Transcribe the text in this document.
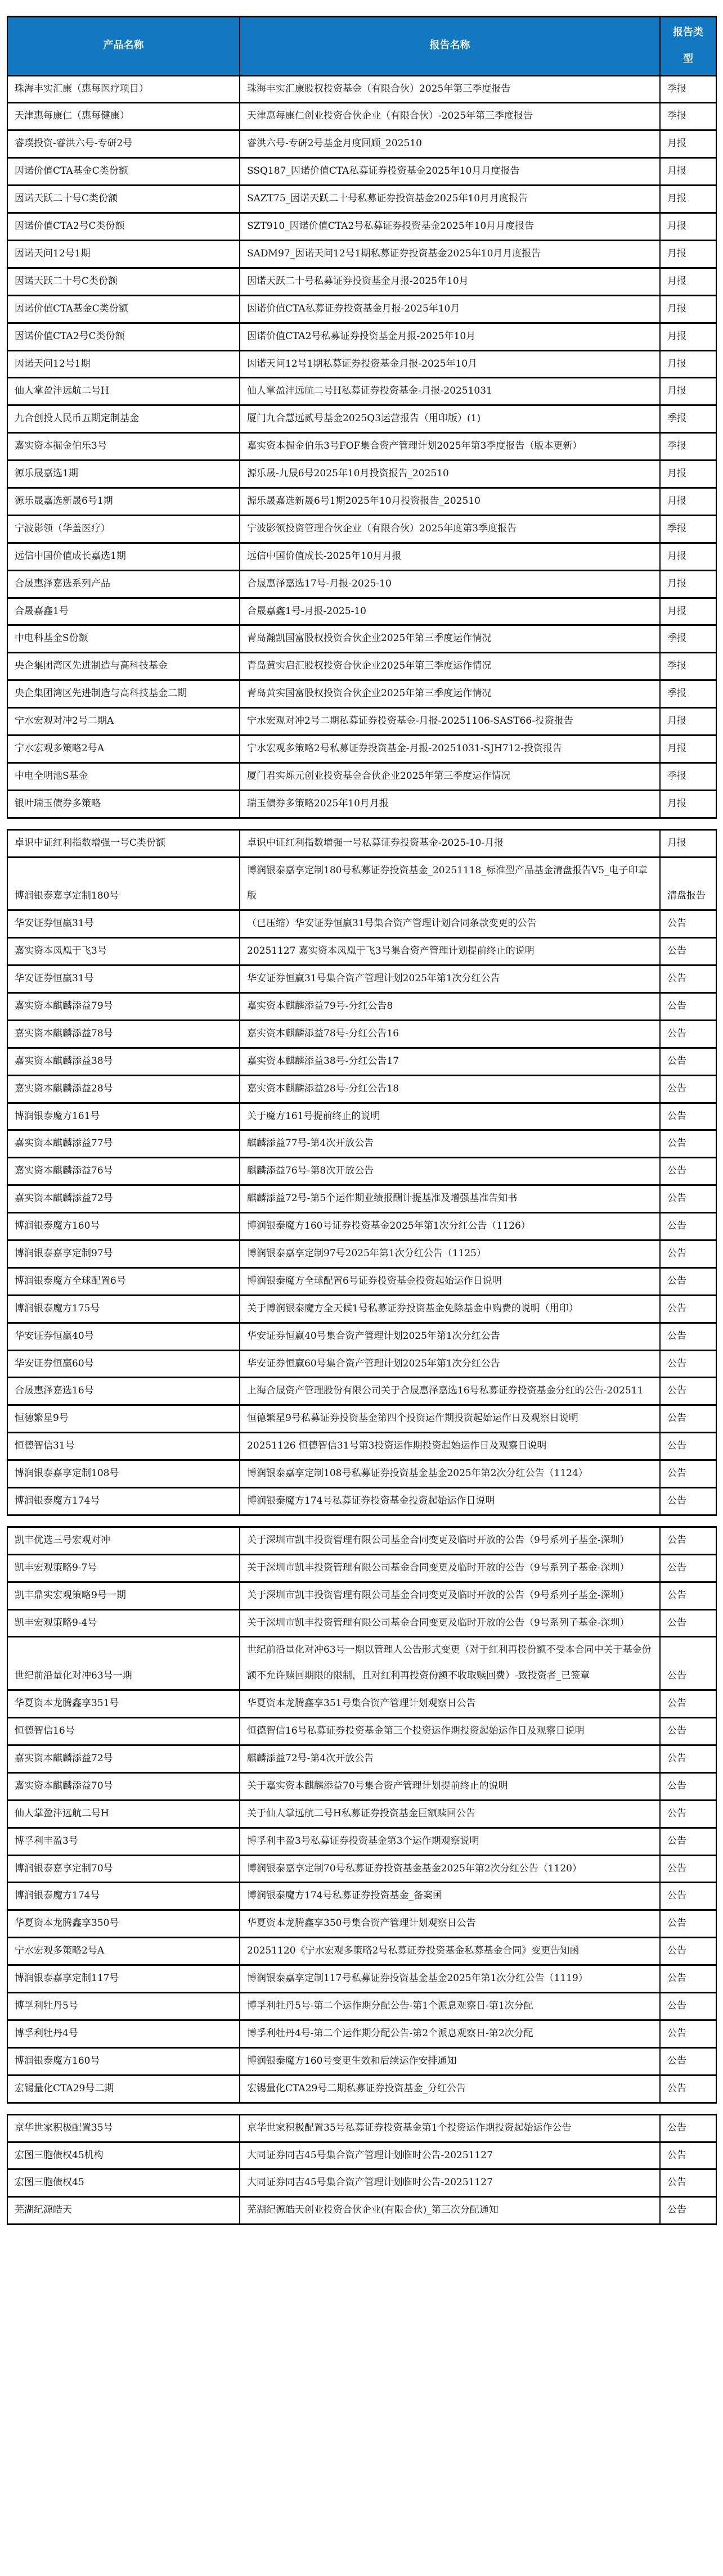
产品名称	报告名称	报告类型
珠海丰实汇康（惠每医疗项目）	珠海丰实汇康股权投资基金（有限合伙）2025年第三季度报告	季报
天津惠每康仁（惠每健康）	天津惠每康仁创业投资合伙企业（有限合伙）-2025年第三季度报告	季报
睿璞投资-睿洪六号-专研2号	睿洪六号-专研2号基金月度回顾_202510	月报
因诺价值CTA基金C类份额	SSQ187_因诺价值CTA私募证券投资基金2025年10月月度报告	月报
因诺天跃二十号C类份额	SAZT75_因诺天跃二十号私募证券投资基金2025年10月月度报告	月报
因诺价值CTA2号C类份额	SZT910_因诺价值CTA2号私募证券投资基金2025年10月月度报告	月报
因诺天问12号1期	SADM97_因诺天问12号1期私募证券投资基金2025年10月月度报告	月报
因诺天跃二十号C类份额	因诺天跃二十号私募证券投资基金月报-2025年10月	月报
因诺价值CTA基金C类份额	因诺价值CTA私募证券投资基金月报-2025年10月	月报
因诺价值CTA2号C类份额	因诺价值CTA2号私募证券投资基金月报-2025年10月	月报
因诺天问12号1期	因诺天问12号1期私募证券投资基金月报-2025年10月	月报
仙人掌盈沣远航二号H	仙人掌盈沣远航二号H私募证券投资基金-月报-20251031	月报
九合创投人民币五期定制基金	厦门九合慧远贰号基金2025Q3运营报告（用印版）(1)	季报
嘉实资本掘金伯乐3号	嘉实资本掘金伯乐3号FOF集合资产管理计划2025年第3季度报告（版本更新）	季报
源乐晟嘉选1期	源乐晟-九晟6号2025年10月投资报告_202510	月报
源乐晟嘉选新晟6号1期	源乐晟嘉选新晟6号1期2025年10月投资报告_202510	月报
宁波影领（华盖医疗）	宁波影领投资管理合伙企业（有限合伙）2025年度第3季度报告	季报
远信中国价值成长嘉选1期	远信中国价值成长-2025年10月月报	月报
合晟惠泽嘉选系列产品	合晟惠泽嘉选17号-月报-2025-10	月报
合晟嘉鑫1号	合晟嘉鑫1号-月报-2025-10	月报
中电科基金S份额	青岛瀚凯国富股权投资合伙企业2025年第三季度运作情况	季报
央企集团湾区先进制造与高科技基金	青岛黄实启汇股权投资合伙企业2025年第三季度运作情况	季报
央企集团湾区先进制造与高科技基金二期	青岛黄实国富股权投资合伙企业2025年第三季度运作情况	季报
宁水宏观对冲2号二期A	宁水宏观对冲2号二期私募证券投资基金-月报-20251106-SAST66-投资报告	月报
宁水宏观多策略2号A	宁水宏观多策略2号私募证券投资基金-月报-20251031-SJH712-投资报告	月报
中电全明池S基金	厦门君实烁元创业投资基金合伙企业2025年第三季度运作情况	季报
银叶瑞玉债券多策略	瑞玉债券多策略2025年10月月报	月报
卓识中证红利指数增强一号C类份额	卓识中证红利指数增强一号私募证券投资基金-2025-10-月报	月报
博润银泰嘉享定制180号	博润银泰嘉享定制180号私募证券投资基金_20251118_标准型产品基金清盘报告V5_电子印章版	清盘报告
华安证券恒赢31号	（已压缩）华安证券恒赢31号集合资产管理计划合同条款变更的公告	公告
嘉实资本凤凰于飞3号	20251127 嘉实资本凤凰于飞3号集合资产管理计划提前终止的说明	公告
华安证券恒赢31号	华安证券恒赢31号集合资产管理计划2025年第1次分红公告	公告
嘉实资本麒麟添益79号	嘉实资本麒麟添益79号-分红公告8	公告
嘉实资本麒麟添益78号	嘉实资本麒麟添益78号-分红公告16	公告
嘉实资本麒麟添益38号	嘉实资本麒麟添益38号-分红公告17	公告
嘉实资本麒麟添益28号	嘉实资本麒麟添益28号-分红公告18	公告
博润银泰魔方161号	关于魔方161号提前终止的说明	公告
嘉实资本麒麟添益77号	麒麟添益77号-第4次开放公告	公告
嘉实资本麒麟添益76号	麒麟添益76号-第8次开放公告	公告
嘉实资本麒麟添益72号	麒麟添益72号-第5个运作期业绩报酬计提基准及增强基准告知书	公告
博润银泰魔方160号	博润银泰魔方160号证券投资基金2025年第1次分红公告（1126）	公告
博润银泰嘉享定制97号	博润银泰嘉享定制97号2025年第1次分红公告（1125）	公告
博润银泰魔方全球配置6号	博润银泰魔方全球配置6号证券投资基金投资起始运作日说明	公告
博润银泰魔方175号	关于博润银泰魔方全天候1号私募证券投资基金免除基金申购费的说明（用印）	公告
华安证券恒赢40号	华安证券恒赢40号集合资产管理计划2025年第1次分红公告	公告
华安证券恒赢60号	华安证券恒赢60号集合资产管理计划2025年第1次分红公告	公告
合晟惠泽嘉选16号	上海合晟资产管理股份有限公司关于合晟惠泽嘉选16号私募证券投资基金分红的公告-202511	公告
恒德繁星9号	恒德繁星9号私募证券投资基金第四个投资运作期投资起始运作日及观察日说明	公告
恒德智信31号	20251126 恒德智信31号第3投资运作期投资起始运作日及观察日说明	公告
博润银泰嘉享定制108号	博润银泰嘉享定制108号私募证券投资基金基金2025年第2次分红公告（1124）	公告
博润银泰魔方174号	博润银泰魔方174号私募证券投资基金投资起始运作日说明	公告
凯丰优选三号宏观对冲	关于深圳市凯丰投资管理有限公司基金合同变更及临时开放的公告（9号系列子基金-深圳）	公告
凯丰宏观策略9-7号	关于深圳市凯丰投资管理有限公司基金合同变更及临时开放的公告（9号系列子基金-深圳）	公告
凯丰鼎实宏观策略9号一期	关于深圳市凯丰投资管理有限公司基金合同变更及临时开放的公告（9号系列子基金-深圳）	公告
凯丰宏观策略9-4号	关于深圳市凯丰投资管理有限公司基金合同变更及临时开放的公告（9号系列子基金-深圳）	公告
世纪前沿量化对冲63号一期	世纪前沿量化对冲63号一期以管理人公告形式变更（对于红利再投份额不受本合同中关于基金份额不允许赎回期限的限制，且对红利再投资份额不收取赎回费）-致投资者_已签章	公告
华夏资本龙腾鑫享351号	华夏资本龙腾鑫享351号集合资产管理计划观察日公告	公告
恒德智信16号	恒德智信16号私募证券投资基金第三个投资运作期投资起始运作日及观察日说明	公告
嘉实资本麒麟添益72号	麒麟添益72号-第4次开放公告	公告
嘉实资本麒麟添益70号	关于嘉实资本麒麟添益70号集合资产管理计划提前终止的说明	公告
仙人掌盈沣远航二号H	关于仙人掌远航二号H私募证券投资基金巨额赎回公告	公告
博孚利丰盈3号	博孚利丰盈3号私募证券投资基金第3个运作期观察说明	公告
博润银泰嘉享定制70号	博润银泰嘉享定制70号私募证券投资基金基金2025年第2次分红公告（1120）	公告
博润银泰魔方174号	博润银泰魔方174号私募证券投资基金_备案函	公告
华夏资本龙腾鑫享350号	华夏资本龙腾鑫享350号集合资产管理计划观察日公告	公告
宁水宏观多策略2号A	20251120《宁水宏观多策略2号私募证券投资基金私募基金合同》变更告知函	公告
博润银泰嘉享定制117号	博润银泰嘉享定制117号私募证券投资基金基金2025年第1次分红公告（1119）	公告
博孚利牡丹5号	博孚利牡丹5号-第二个运作期分配公告-第1个派息观察日-第1次分配	公告
博孚利牡丹4号	博孚利牡丹4号-第二个运作期分配公告-第2个派息观察日-第2次分配	公告
博润银泰魔方160号	博润银泰魔方160号变更生效和后续运作安排通知	公告
宏锡量化CTA29号二期	宏锡量化CTA29号二期私募证券投资基金_分红公告	公告
京华世家积极配置35号	京华世家积极配置35号私募证券投资基金第1个投资运作期投资起始运作公告	公告
宏图三胞债权45机构	大同证券同吉45号集合资产管理计划临时公告-20251127	公告
宏图三胞债权45	大同证券同吉45号集合资产管理计划临时公告-20251127	公告
芜湖纪源皓天	芜湖纪源皓天创业投资合伙企业(有限合伙)_第三次分配通知	公告
